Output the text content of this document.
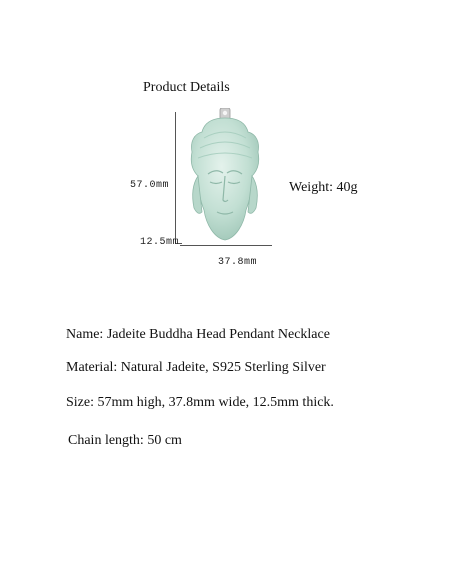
Product Details
57.0mm
12.5mm
37.8mm
Weight: 40g
Name: Jadeite Buddha Head Pendant Necklace
Material: Natural Jadeite, S925 Sterling Silver
Size: 57mm high, 37.8mm wide, 12.5mm thick.
Chain length: 50 cm
